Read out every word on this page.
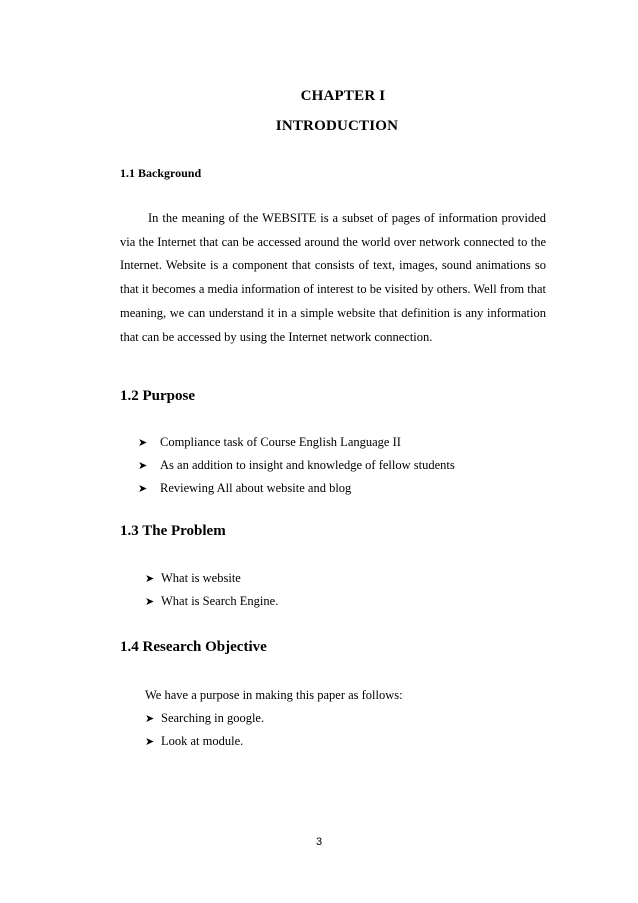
CHAPTER I
INTRODUCTION
1.1 Background

In the meaning of the WEBSITE is a subset of pages of information provided via the Internet that can be accessed around the world over network connected to the Internet. Website is a component that consists of text, images, sound animations so that it becomes a media information of interest to be visited by others. Well from that meaning, we can understand it in a simple website that definition is any information that can be accessed by using the Internet network connection.

1.2 Purpose
➤	Compliance task of Course English Language II
➤	As an addition to insight and knowledge of fellow students
➤	Reviewing All about website and blog
1.3 The Problem
➤ What is website
➤ What is Search Engine.
1.4 Research Objective
We have a purpose in making this paper as follows:
➤ Searching in google.
➤ Look at module.
3
